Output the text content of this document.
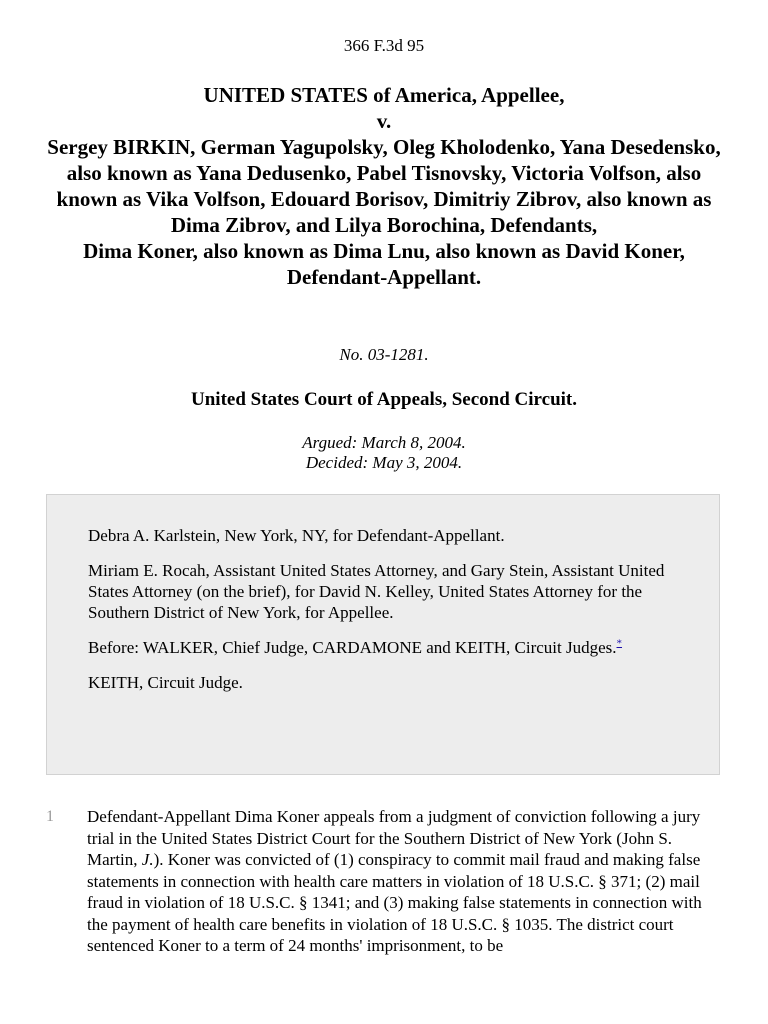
366 F.3d 95
UNITED STATES of America, Appellee,
v.
Sergey BIRKIN, German Yagupolsky, Oleg Kholodenko, Yana Desedensko, also known as Yana Dedusenko, Pabel Tisnovsky, Victoria Volfson, also known as Vika Volfson, Edouard Borisov, Dimitriy Zibrov, also known as Dima Zibrov, and Lilya Borochina, Defendants,
Dima Koner, also known as Dima Lnu, also known as David Koner, Defendant-Appellant.
No. 03-1281.
United States Court of Appeals, Second Circuit.
Argued: March 8, 2004.
Decided: May 3, 2004.

Debra A. Karlstein, New York, NY, for Defendant-Appellant.

Miriam E. Rocah, Assistant United States Attorney, and Gary Stein, Assistant United States Attorney (on the brief), for David N. Kelley, United States Attorney for the Southern District of New York, for Appellee.

Before: WALKER, Chief Judge, CARDAMONE and KEITH, Circuit Judges.*

KEITH, Circuit Judge.

1 Defendant-Appellant Dima Koner appeals from a judgment of conviction following a jury trial in the United States District Court for the Southern District of New York (John S. Martin, J.). Koner was convicted of (1) conspiracy to commit mail fraud and making false statements in connection with health care matters in violation of 18 U.S.C. § 371; (2) mail fraud in violation of 18 U.S.C. § 1341; and (3) making false statements in connection with the payment of health care benefits in violation of 18 U.S.C. § 1035. The district court sentenced Koner to a term of 24 months' imprisonment, to be
